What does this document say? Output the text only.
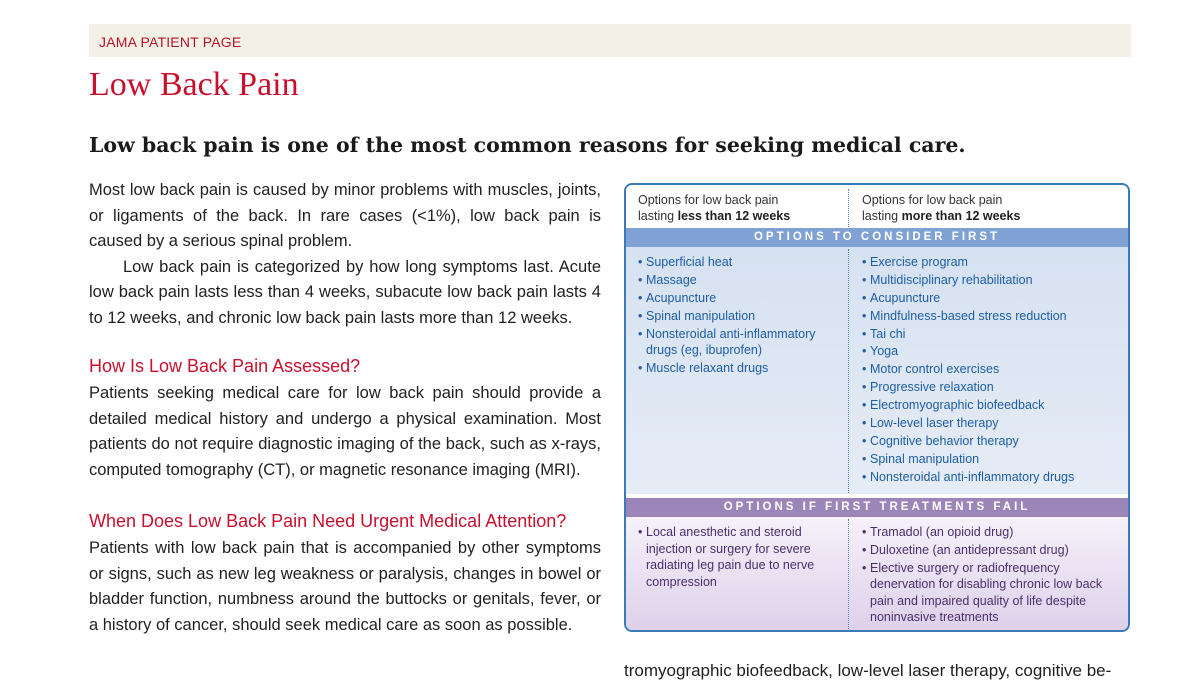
JAMA PATIENT PAGE
Low Back Pain
Low back pain is one of the most common reasons for seeking medical care.

Most low back pain is caused by minor problems with muscles, joints, or ligaments of the back. In rare cases (<1%), low back pain is caused by a serious spinal problem.

Low back pain is categorized by how long symptoms last. Acute low back pain lasts less than 4 weeks, subacute low back pain lasts 4 to 12 weeks, and chronic low back pain lasts more than 12 weeks.

How Is Low Back Pain Assessed?

Patients seeking medical care for low back pain should provide a detailed medical history and undergo a physical examination. Most patients do not require diagnostic imaging of the back, such as x-rays, computed tomography (CT), or magnetic resonance imaging (MRI).

When Does Low Back Pain Need Urgent Medical Attention?

Patients with low back pain that is accompanied by other symptoms or signs, such as new leg weakness or paralysis, changes in bowel or bladder function, numbness around the buttocks or genitals, fever, or a history of cancer, should seek medical care as soon as possible.

Options for low back pain
lasting less than 12 weeks
Options for low back pain
lasting more than 12 weeks
OPTIONS TO CONSIDER FIRST
OPTIONS IF FIRST TREATMENTS FAIL
• Superficial heat
• Massage
• Acupuncture
• Spinal manipulation
• Nonsteroidal anti-inflammatory drugs (eg, ibuprofen)
• Muscle relaxant drugs
• Exercise program
• Multidisciplinary rehabilitation
• Acupuncture
• Mindfulness-based stress reduction
• Tai chi
• Yoga
• Motor control exercises
• Progressive relaxation
• Electromyographic biofeedback
• Low-level laser therapy
• Cognitive behavior therapy
• Spinal manipulation
• Nonsteroidal anti-inflammatory drugs
• Local anesthetic and steroid injection or surgery for severe radiating leg pain due to nerve compression
• Tramadol (an opioid drug)
• Duloxetine (an antidepressant drug)
• Elective surgery or radiofrequency denervation for disabling chronic low back pain and impaired quality of life despite noninvasive treatments
tromyographic biofeedback, low-level laser therapy, cognitive be-
